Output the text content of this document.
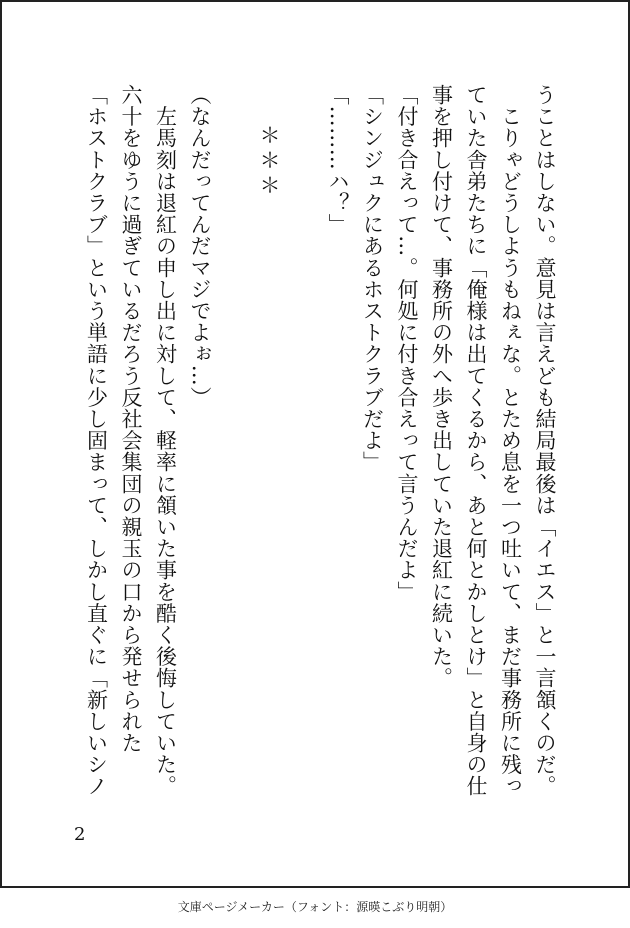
うことはしない。意見は言えども結局最後は「イエス」と一言頷くのだ。
　こりゃどうしようもねぇな。とため息を一つ吐いて、まだ事務所に残っ
ていた舎弟たちに「俺様は出てくるから、あと何とかしとけ」と自身の仕
事を押し付けて、事務所の外へ歩き出していた退紅に続いた。
「付き合えって…。何処に付き合えって言うんだよ」
「シンジュクにあるホストクラブだよ」
「………ハ？」
＊＊＊
（なんだってんだマジでよぉ…）
　左馬刻は退紅の申し出に対して、軽率に頷いた事を酷く後悔していた。
六十をゆうに過ぎているだろう反社会集団の親玉の口から発せられた
「ホストクラブ」という単語に少し固まって、しかし直ぐに「新しいシノ
2
文庫ページメーカー（フォント：源暎こぶり明朝）
